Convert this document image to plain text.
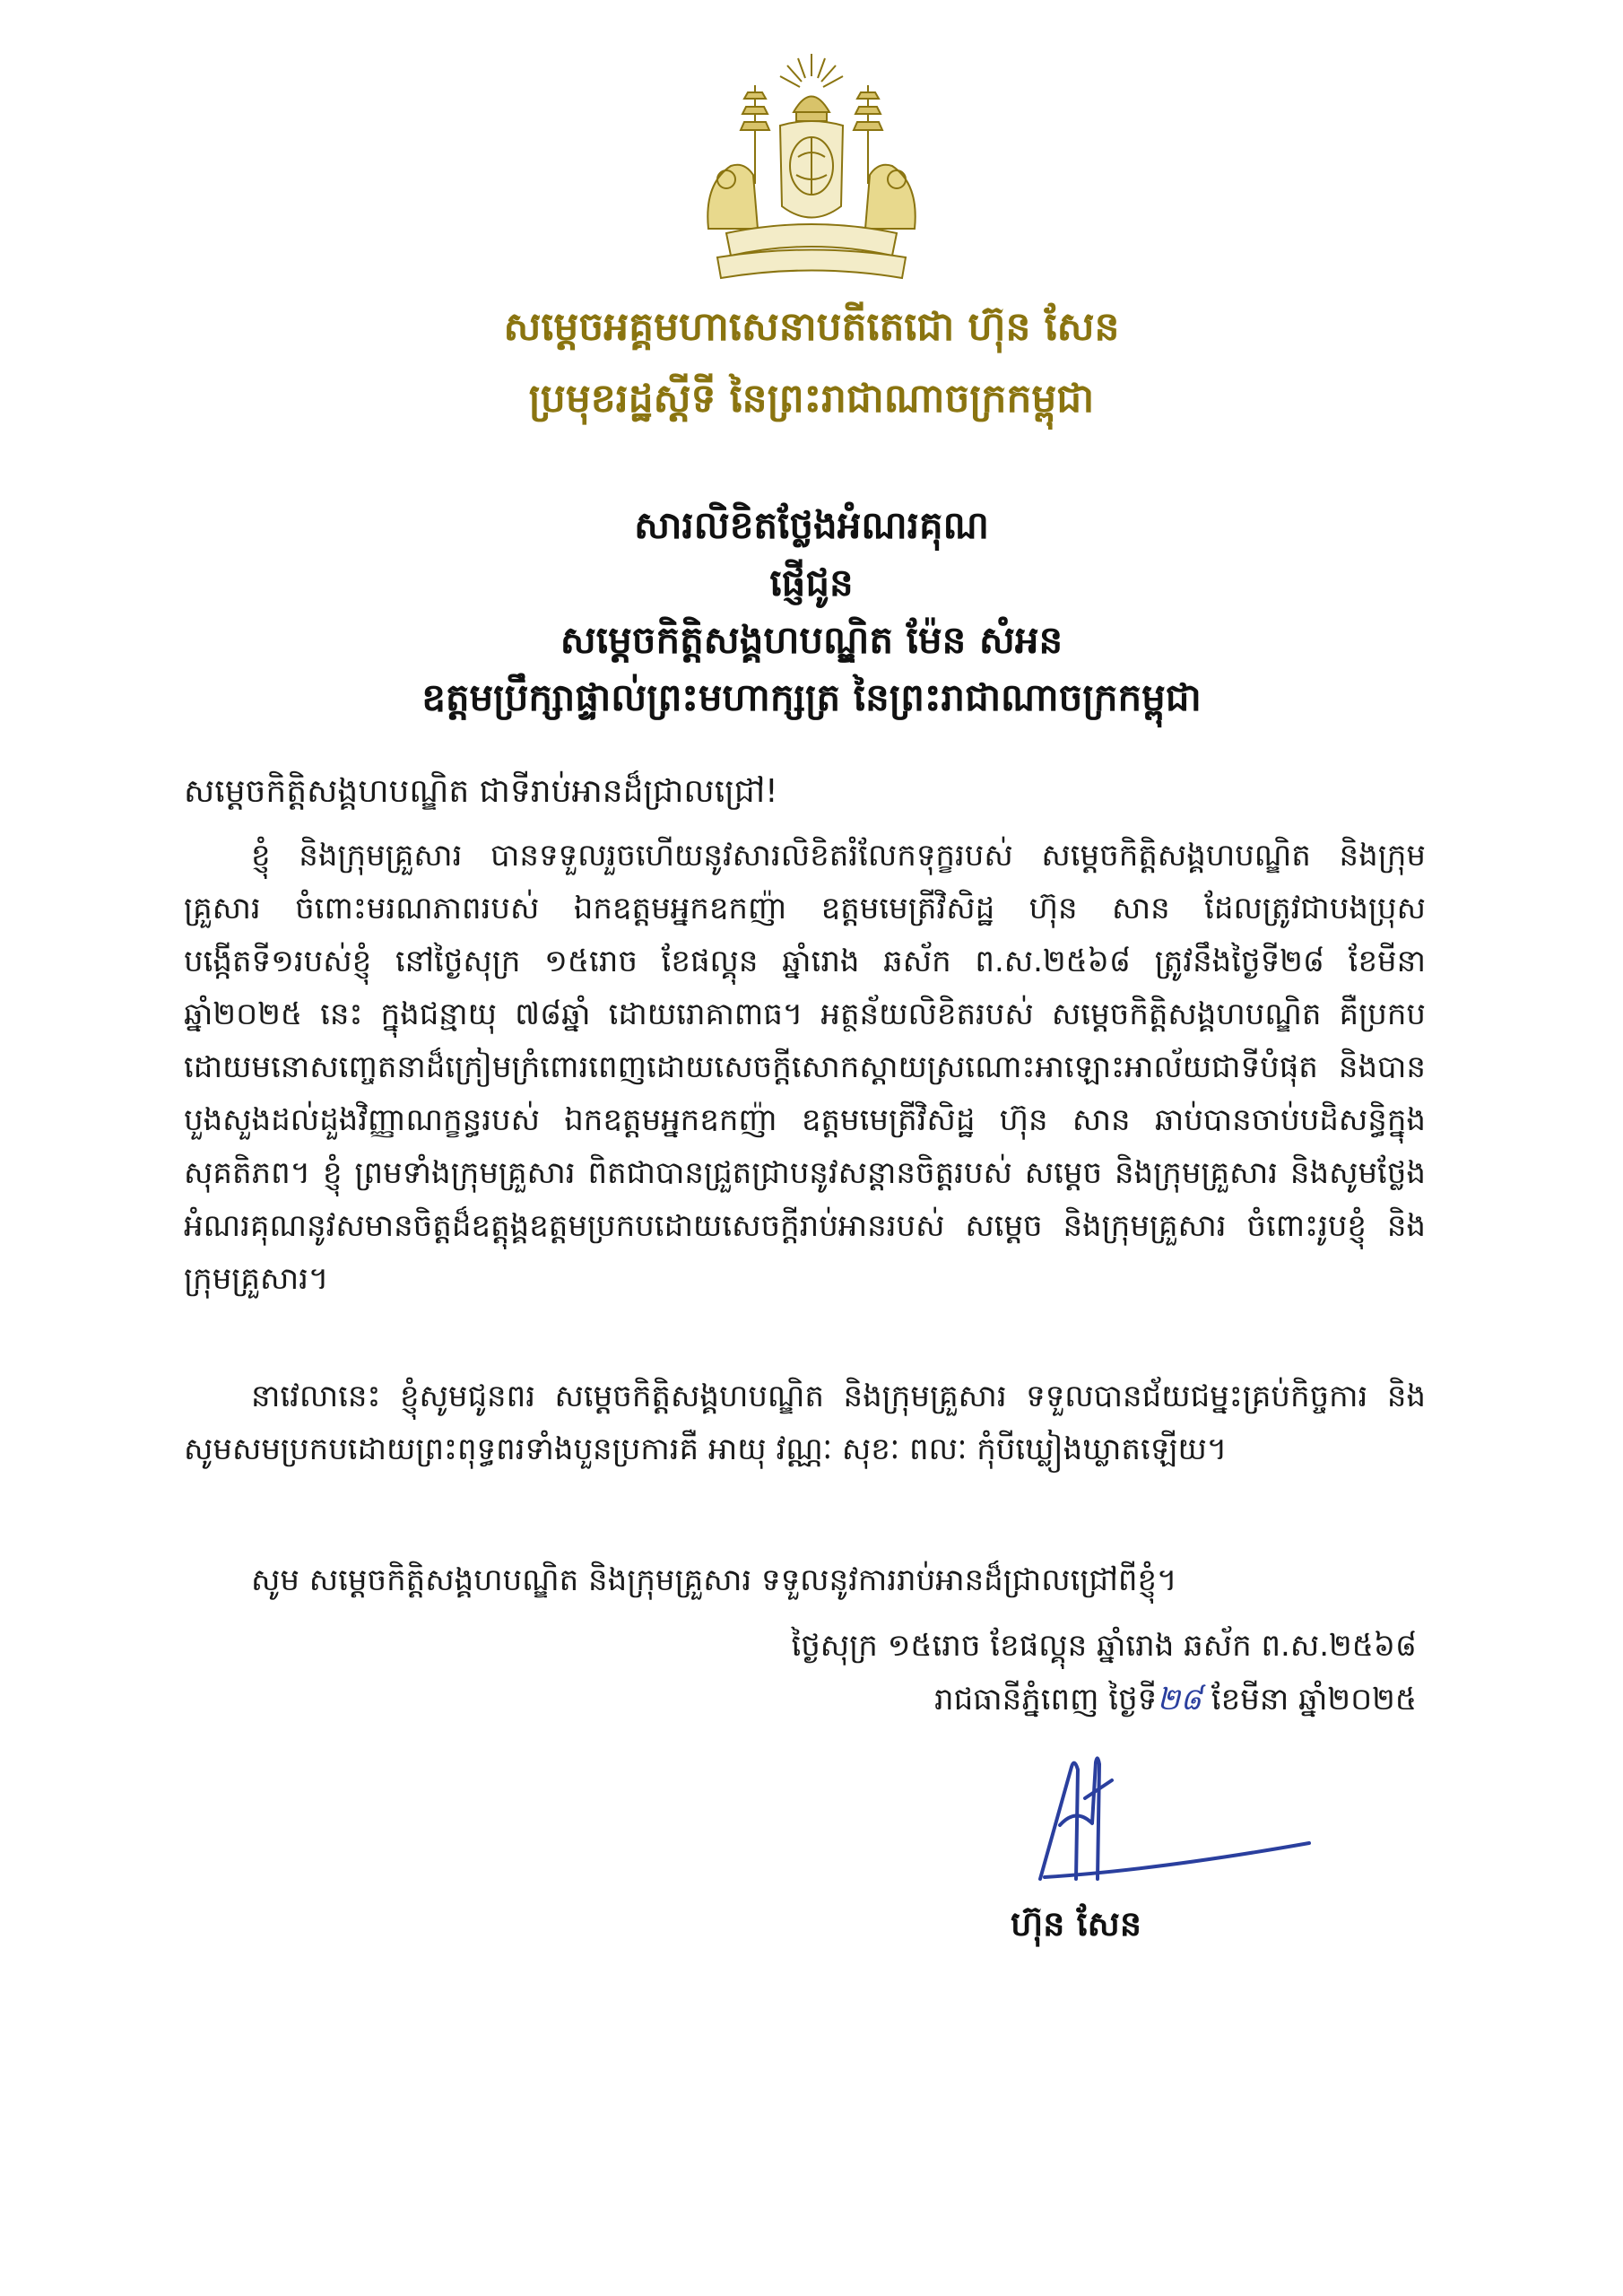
សម្តេចអគ្គមហាសេនាបតីតេជោ ហ៊ុន សែន
ប្រមុខរដ្ឋស្តីទី នៃព្រះរាជាណាចក្រកម្ពុជា
សារលិខិតថ្លែងអំណរគុណ
ផ្ញើជូន
សម្តេចកិត្តិសង្គហបណ្ឌិត ម៉ែន សំអន
ឧត្តមប្រឹក្សាផ្ទាល់ព្រះមហាក្សត្រ នៃព្រះរាជាណាចក្រកម្ពុជា
សម្តេចកិត្តិសង្គហបណ្ឌិត ជាទីរាប់អានដ៏ជ្រាលជ្រៅ!
ខ្ញុំ និងក្រុមគ្រួសារ បានទទួលរួចហើយនូវសារលិខិតរំលែកទុក្ខរបស់ សម្តេចកិត្តិសង្គហបណ្ឌិត និងក្រុមគ្រួសារ ចំពោះមរណភាពរបស់ ឯកឧត្តមអ្នកឧកញ៉ា ឧត្តមមេត្រីវិសិដ្ឋ ហ៊ុន សាន ដែលត្រូវជាបងប្រុសបង្កើតទី១របស់ខ្ញុំ នៅថ្ងៃសុក្រ ១៥រោច ខែផល្គុន ឆ្នាំរោង ឆស័ក ព.ស.២៥៦៨ ត្រូវនឹងថ្ងៃទី២៨ ខែមីនា ឆ្នាំ២០២៥ នេះ ក្នុងជន្មាយុ ៧៨ឆ្នាំ ដោយរោគាពាធ។ អត្ថន័យលិខិតរបស់ សម្តេចកិត្តិសង្គហបណ្ឌិត គឺប្រកបដោយមនោសញ្ចេតនាដ៏ក្រៀមក្រំពោរពេញដោយសេចក្តីសោកស្តាយស្រណោះអាឡោះអាល័យជាទីបំផុត និងបានបួងសួងដល់ដួងវិញ្ញាណក្ខន្ធរបស់ ឯកឧត្តមអ្នកឧកញ៉ា ឧត្តមមេត្រីវិសិដ្ឋ ហ៊ុន សាន ឆាប់បានចាប់បដិសន្ធិក្នុងសុគតិភព។ ខ្ញុំ ព្រមទាំងក្រុមគ្រួសារ ពិតជាបានជ្រួតជ្រាបនូវសន្តានចិត្តរបស់ សម្តេច និងក្រុមគ្រួសារ និងសូមថ្លែងអំណរគុណនូវសមានចិត្តដ៏ឧត្តុង្គឧត្តមប្រកបដោយសេចក្តីរាប់អានរបស់ សម្តេច និងក្រុមគ្រួសារ ចំពោះរូបខ្ញុំ និងក្រុមគ្រួសារ។
នាវេលានេះ ខ្ញុំសូមជូនពរ សម្តេចកិត្តិសង្គហបណ្ឌិត និងក្រុមគ្រួសារ ទទួលបានជ័យជម្នះគ្រប់កិច្ចការ និងសូមសមប្រកបដោយព្រះពុទ្ធពរទាំងបួនប្រការគឺ អាយុ វណ្ណៈ សុខៈ ពលៈ កុំបីឃ្លៀងឃ្លាតឡើយ។
សូម សម្តេចកិត្តិសង្គហបណ្ឌិត និងក្រុមគ្រួសារ ទទួលនូវការរាប់អានដ៏ជ្រាលជ្រៅពីខ្ញុំ។
ថ្ងៃសុក្រ ១៥រោច ខែផល្គុន ឆ្នាំរោង ឆស័ក ព.ស.២៥៦៨
រាជធានីភ្នំពេញ ថ្ងៃទី២៨ ខែមីនា ឆ្នាំ២០២៥
ហ៊ុន សែន
